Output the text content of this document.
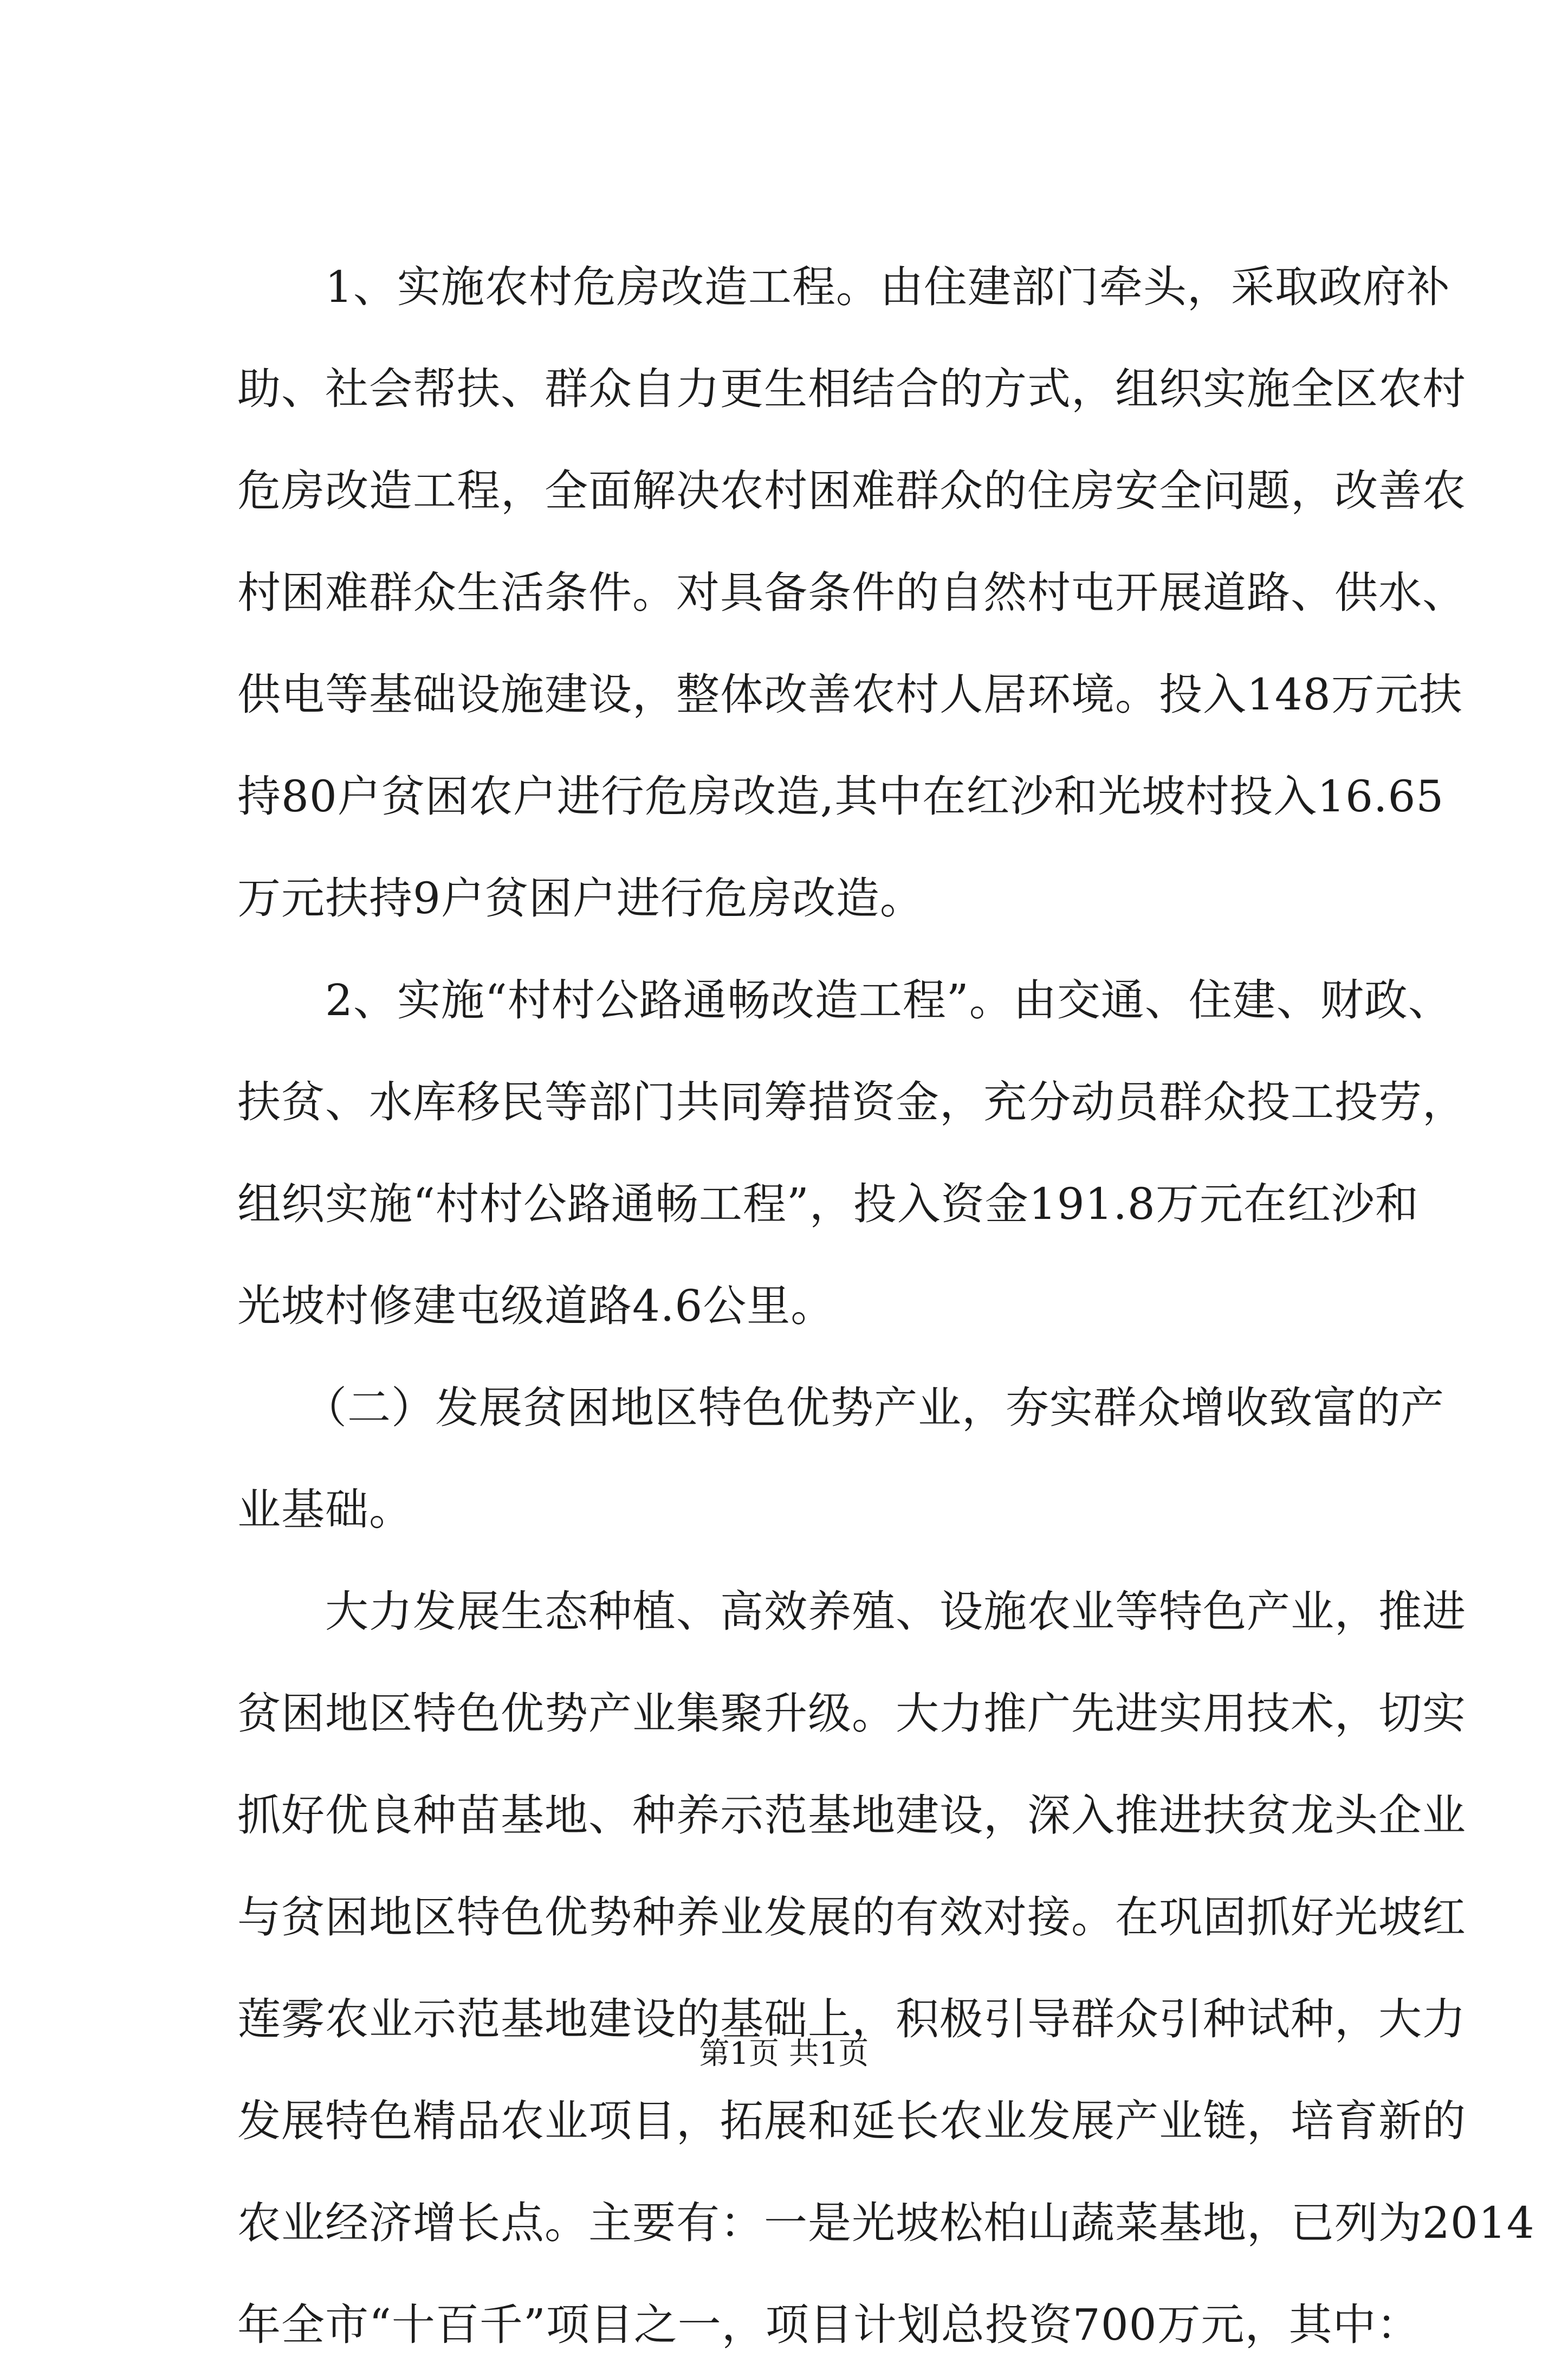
　　1、实施农村危房改造工程。由住建部门牵头，采取政府补
助、社会帮扶、群众自力更生相结合的方式，组织实施全区农村
危房改造工程，全面解决农村困难群众的住房安全问题，改善农
村困难群众生活条件。对具备条件的自然村屯开展道路、供水、
供电等基础设施建设，整体改善农村人居环境。投入148万元扶
持80户贫困农户进行危房改造,其中在红沙和光坡村投入16.65
万元扶持9户贫困户进行危房改造。
　　2、实施“村村公路通畅改造工程”。由交通、住建、财政、
扶贫、水库移民等部门共同筹措资金，充分动员群众投工投劳，
组织实施“村村公路通畅工程”，投入资金191.8万元在红沙和
光坡村修建屯级道路4.6公里。
　　（二）发展贫困地区特色优势产业，夯实群众增收致富的产
业基础。
　　大力发展生态种植、高效养殖、设施农业等特色产业，推进
贫困地区特色优势产业集聚升级。大力推广先进实用技术，切实
抓好优良种苗基地、种养示范基地建设，深入推进扶贫龙头企业
与贫困地区特色优势种养业发展的有效对接。在巩固抓好光坡红
莲雾农业示范基地建设的基础上，积极引导群众引种试种，大力
发展特色精品农业项目，拓展和延长农业发展产业链，培育新的
农业经济增长点。主要有：一是光坡松柏山蔬菜基地，已列为2014
年全市“十百千”项目之一，项目计划总投资700万元，其中：
第1页 共1页
